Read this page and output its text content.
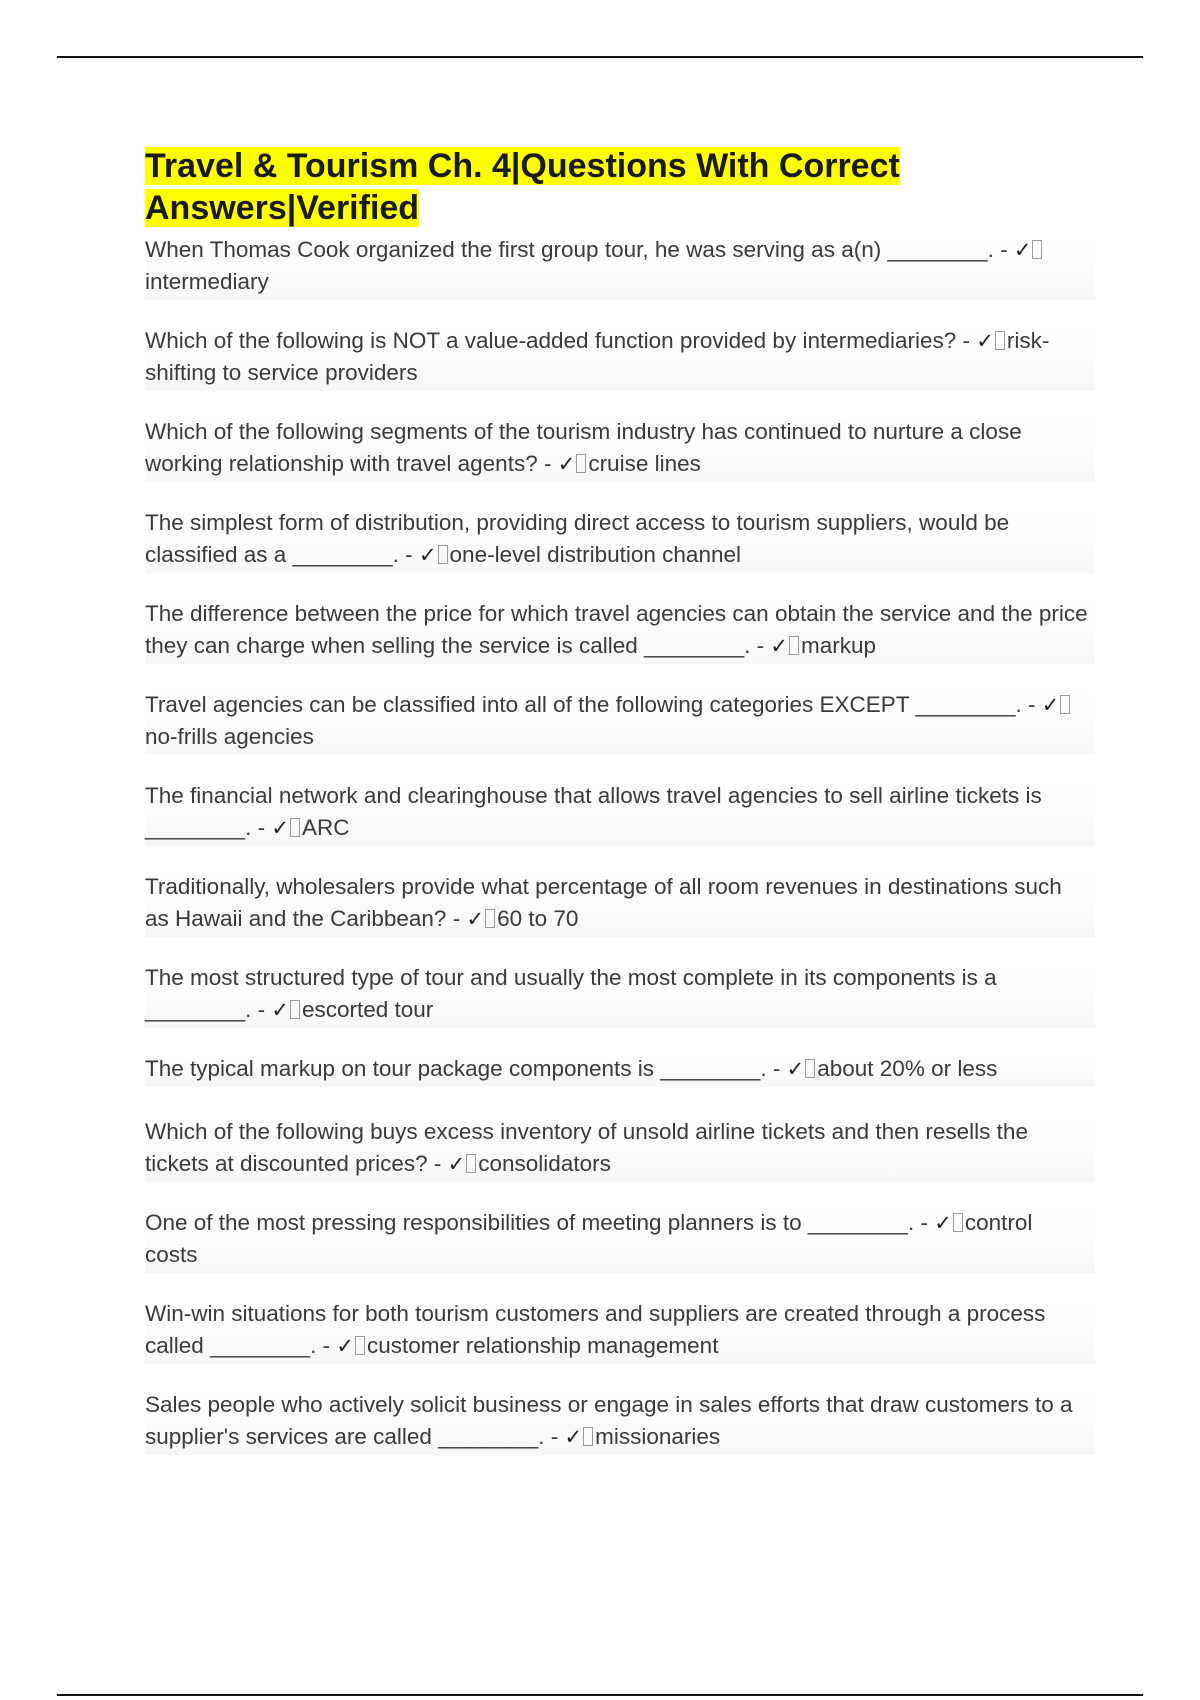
Travel & Tourism Ch. 4|Questions With Correct Answers|Verified
When Thomas Cook organized the first group tour, he was serving as a(n) ________. - ✓intermediary
Which of the following is NOT a value-added function provided by intermediaries? - ✓ risk-shifting to service providers
Which of the following segments of the tourism industry has continued to nurture a close working relationship with travel agents? - ✓ cruise lines
The simplest form of distribution, providing direct access to tourism suppliers, would be classified as a ________. - ✓ one-level distribution channel
The difference between the price for which travel agencies can obtain the service and the price they can charge when selling the service is called ________. - ✓ markup
Travel agencies can be classified into all of the following categories EXCEPT ________. - ✓no-frills agencies
The financial network and clearinghouse that allows travel agencies to sell airline tickets is ________. - ✓ ARC
Traditionally, wholesalers provide what percentage of all room revenues in destinations such as Hawaii and the Caribbean? - ✓ 60 to 70
The most structured type of tour and usually the most complete in its components is a ________. - ✓ escorted tour
The typical markup on tour package components is ________. - ✓ about 20% or less
Which of the following buys excess inventory of unsold airline tickets and then resells the tickets at discounted prices? - ✓ consolidators
One of the most pressing responsibilities of meeting planners is to ________. - ✓ control costs
Win-win situations for both tourism customers and suppliers are created through a process called ________. - ✓ customer relationship management
Sales people who actively solicit business or engage in sales efforts that draw customers to a supplier's services are called ________. - ✓ missionaries
